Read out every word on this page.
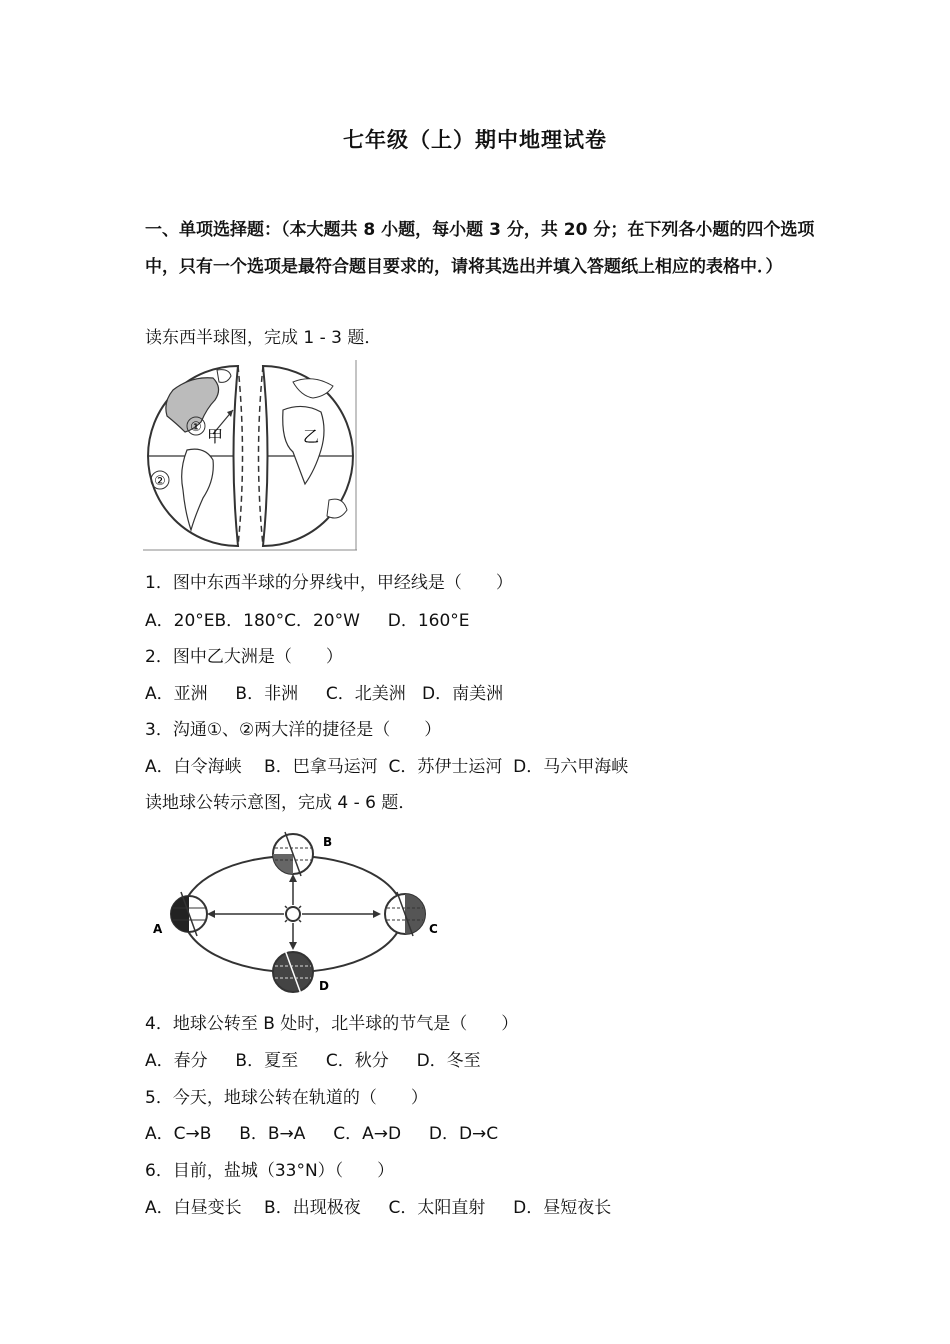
七年级（上）期中地理试卷
一、单项选择题：（本大题共 8 小题，每小题 3 分，共 20 分；在下列各小题的四个选项中，只有一个选项是最符合题目要求的，请将其选出并填入答题纸上相应的表格中．）
读东西半球图，完成 1 - 3 题．
①
②
甲	乙
1．图中东西半球的分界线中，甲经线是（　　）
A．20°EB．180°C．20°W　  D．160°E
2．图中乙大洲是（　　）
A．亚洲　  B．非洲　  C．北美洲   D．南美洲
3．沟通①、②两大洋的捷径是（　　）
A．白令海峡　 B．巴拿马运河  C．苏伊士运河  D．马六甲海峡
读地球公转示意图，完成 4 - 6 题．
A
B
C
D
4．地球公转至 B 处时，北半球的节气是（　　）
A．春分　  B．夏至　  C．秋分　  D．冬至
5．今天，地球公转在轨道的（　　）
A．C→B　  B．B→A　  C．A→D　  D．D→C
6．目前，盐城（33°N）（　　）
A．白昼变长　 B．出现极夜　  C．太阳直射　  D．昼短夜长
